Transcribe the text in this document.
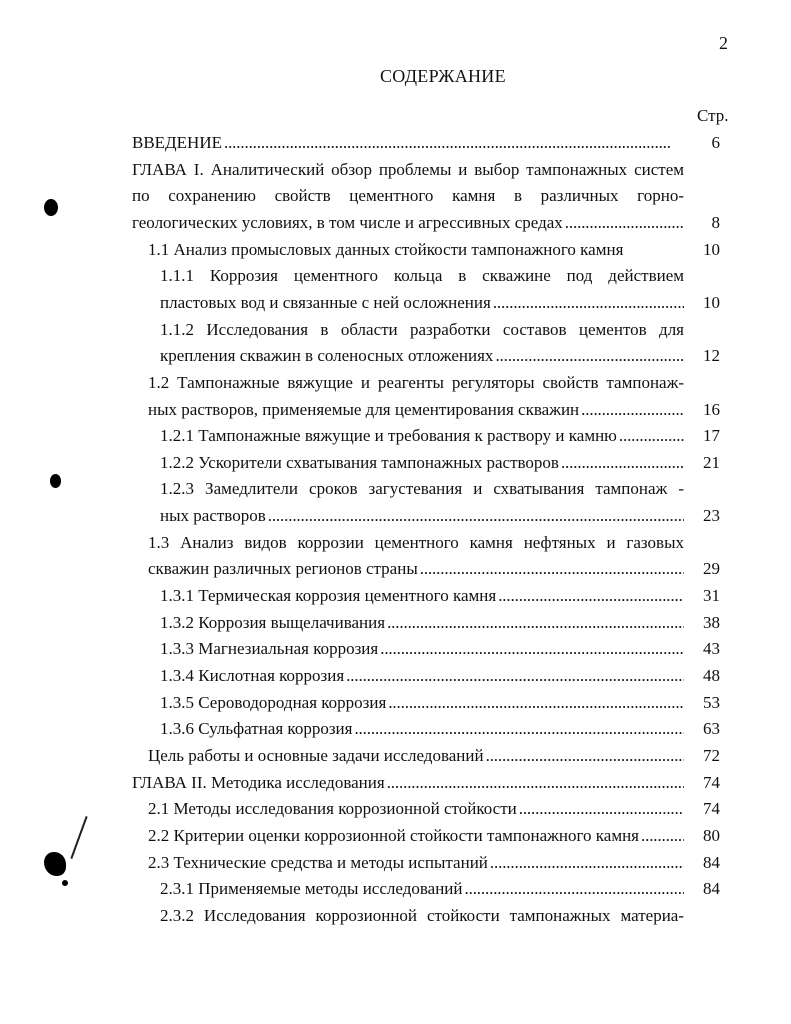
2
СОДЕРЖАНИЕ
Стр.
ВВЕДЕНИЕ . . .	6
ГЛАВА I. Аналитический обзор проблемы и выбор тампонажных систем
по сохранению свойств цементного камня в различных горно-
геологических условиях, в том числе и агрессивных средах . . .	8
1.1 Анализ промысловых данных стойкости тампонажного камня	10
1.1.1 Коррозия цементного кольца в скважине под действием
пластовых вод и связанные с ней осложнения . . .	10
1.1.2 Исследования в области разработки составов цементов для
крепления скважин в соленосных отложениях . . .	12
1.2 Тампонажные вяжущие и реагенты регуляторы свойств тампонаж-
ных растворов, применяемые для цементирования скважин . . .	16
1.2.1 Тампонажные вяжущие и требования к раствору и камню . . .	17
1.2.2 Ускорители схватывания тампонажных растворов . . .	21
1.2.3 Замедлители сроков загустевания и схватывания тампонаж -
ных растворов . . .	23
1.3 Анализ видов коррозии цементного камня нефтяных и газовых
скважин различных регионов страны . . .	29
1.3.1 Термическая коррозия цементного камня . . .	31
1.3.2 Коррозия выщелачивания . . .	38
1.3.3 Магнезиальная коррозия . . .	43
1.3.4 Кислотная коррозия . . .	48
1.3.5 Сероводородная коррозия . . .	53
1.3.6 Сульфатная коррозия . . .	63
Цель работы и основные задачи исследований . . .	72
ГЛАВА II. Методика исследования . . .	74
2.1 Методы исследования коррозионной стойкости . . .	74
2.2 Критерии оценки коррозионной стойкости тампонажного камня . . .	80
2.3 Технические средства и методы испытаний . . .	84
2.3.1 Применяемые методы исследований . . .	84
2.3.2 Исследования коррозионной стойкости тампонажных материа-
